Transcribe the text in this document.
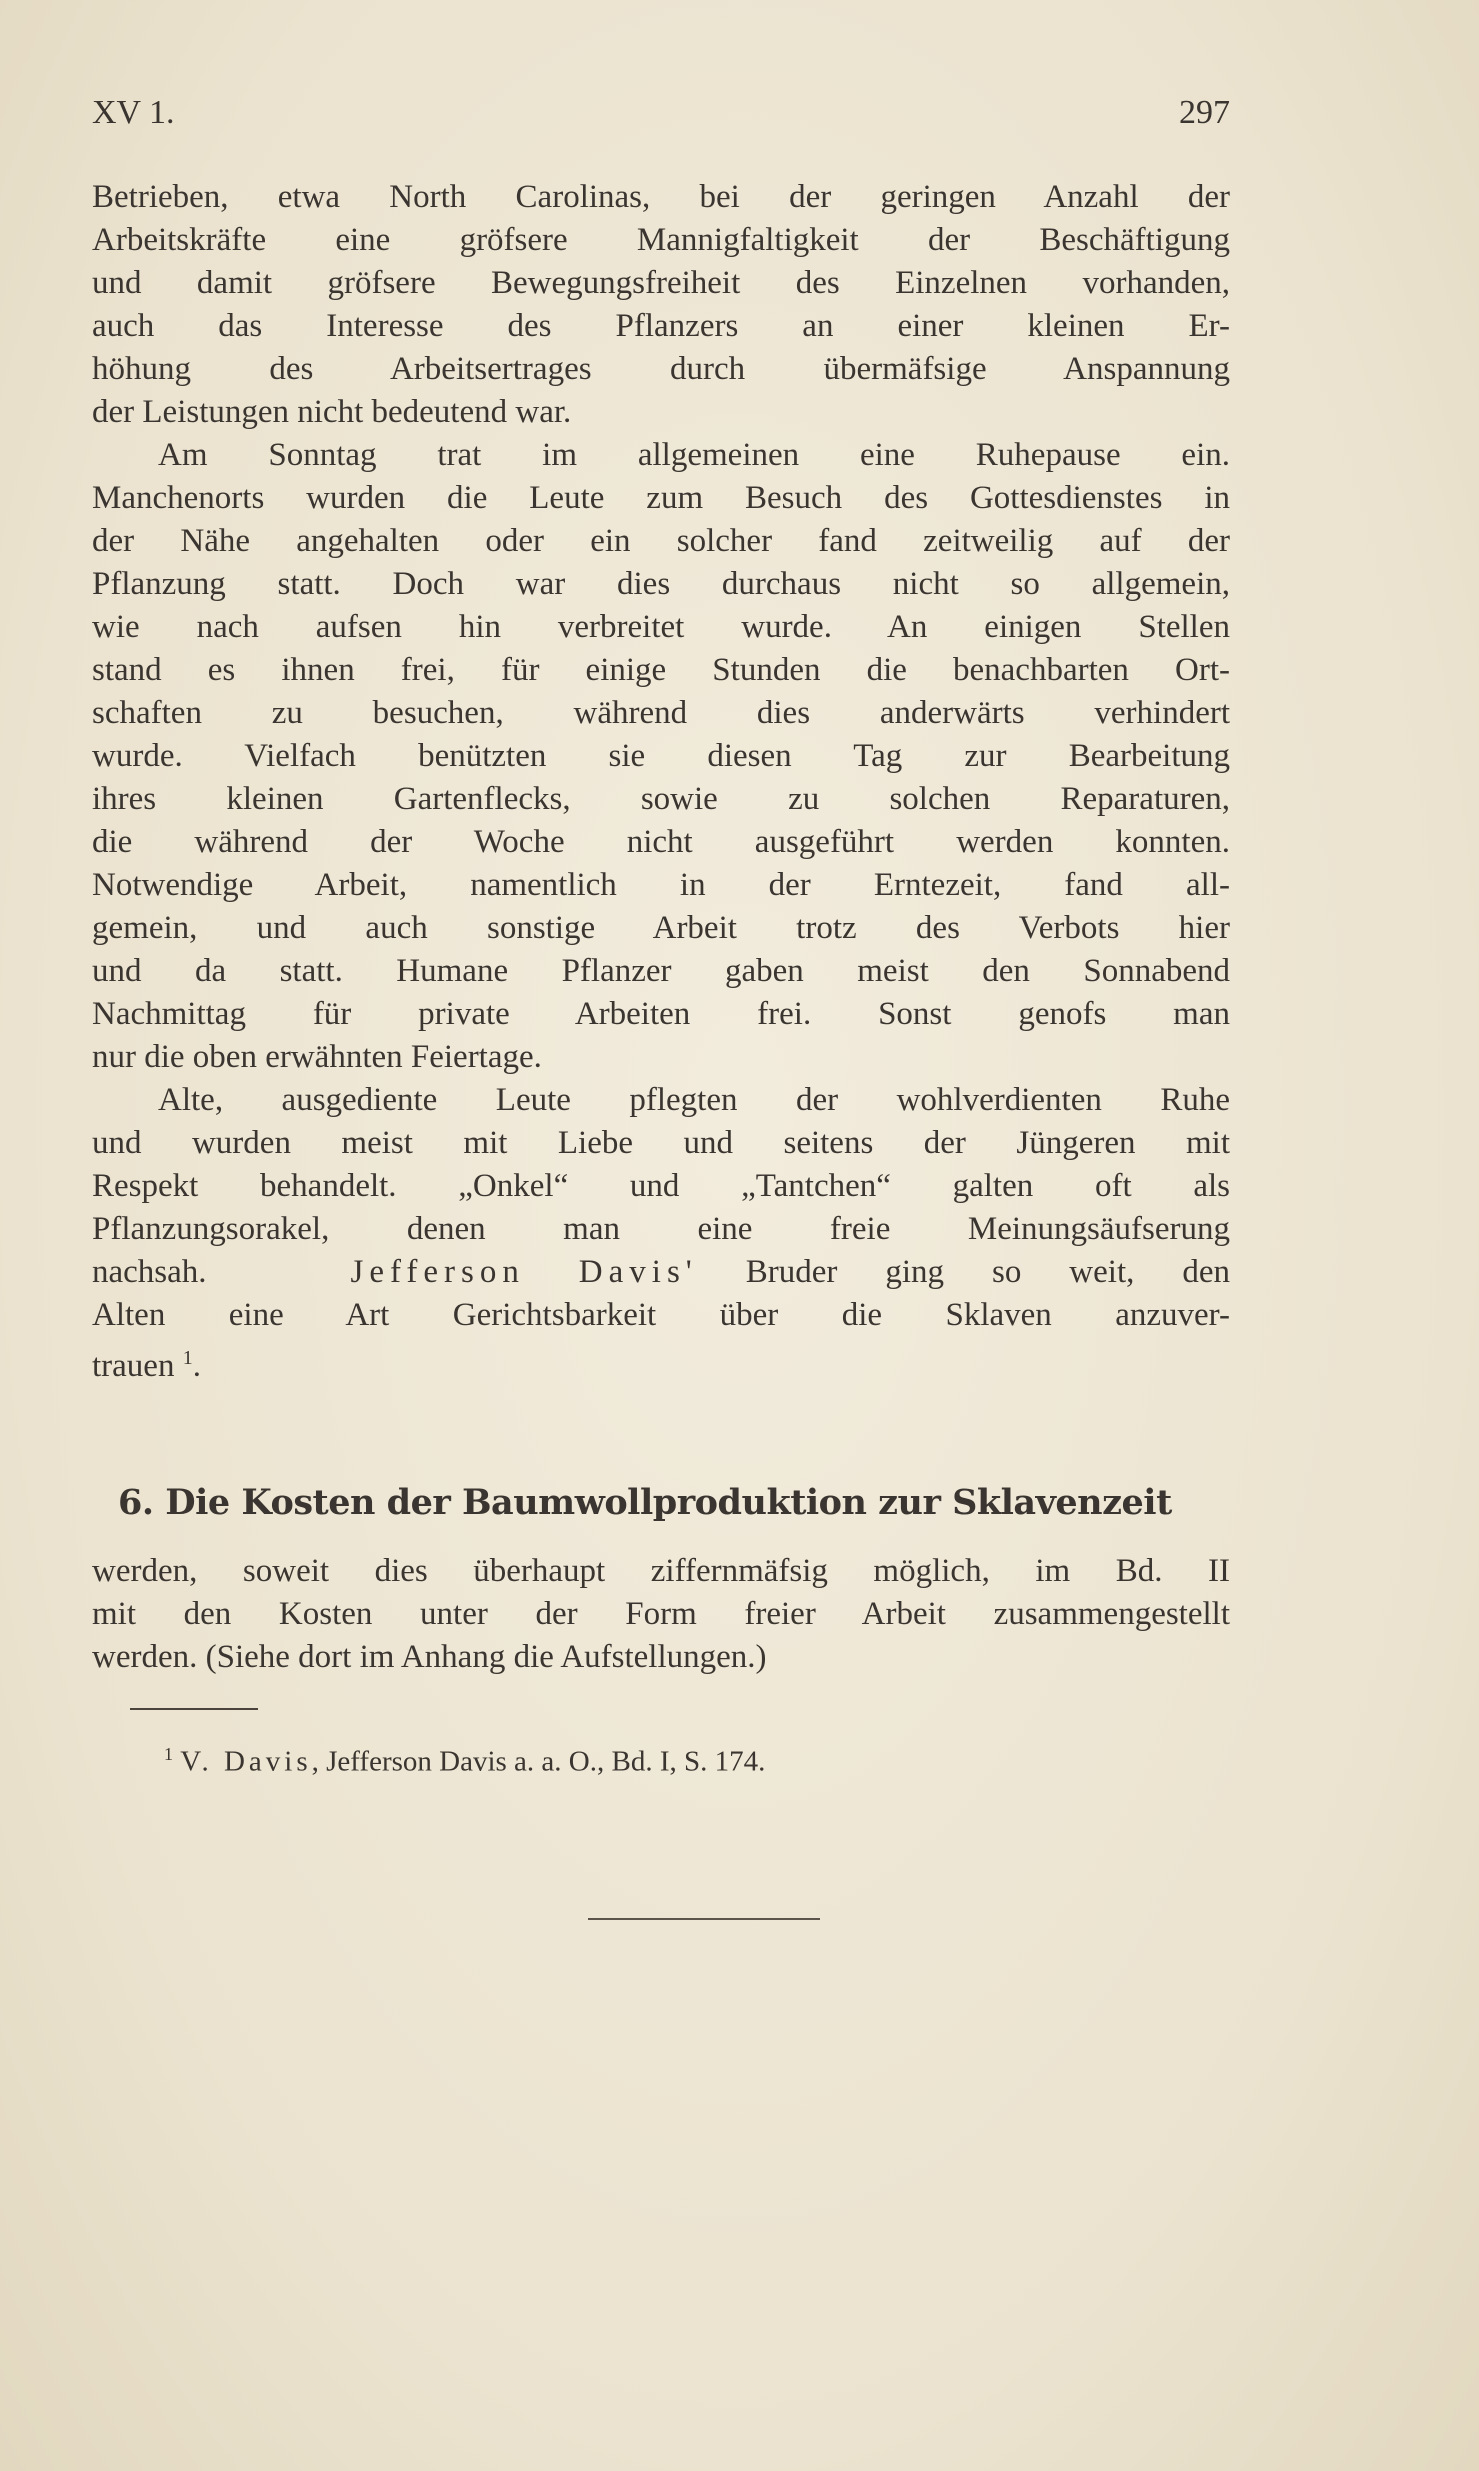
XV 1.	297
Betrieben, etwa North Carolinas, bei der geringen Anzahl der
Arbeitskräfte eine gröfsere Mannigfaltigkeit der Beschäftigung
und damit gröfsere Bewegungsfreiheit des Einzelnen vorhanden,
auch das Interesse des Pflanzers an einer kleinen Er-
höhung des Arbeitsertrages durch übermäfsige Anspannung
der Leistungen nicht bedeutend war.
Am Sonntag trat im allgemeinen eine Ruhepause ein.
Manchenorts wurden die Leute zum Besuch des Gottesdienstes in
der Nähe angehalten oder ein solcher fand zeitweilig auf der
Pflanzung statt. Doch war dies durchaus nicht so allgemein,
wie nach aufsen hin verbreitet wurde. An einigen Stellen
stand es ihnen frei, für einige Stunden die benachbarten Ort-
schaften zu besuchen, während dies anderwärts verhindert
wurde. Vielfach benützten sie diesen Tag zur Bearbeitung
ihres kleinen Gartenflecks, sowie zu solchen Reparaturen,
die während der Woche nicht ausgeführt werden konnten.
Notwendige Arbeit, namentlich in der Erntezeit, fand all-
gemein, und auch sonstige Arbeit trotz des Verbots hier
und da statt. Humane Pflanzer gaben meist den Sonnabend
Nachmittag für private Arbeiten frei. Sonst genofs man
nur die oben erwähnten Feiertage.
Alte, ausgediente Leute pflegten der wohlverdienten Ruhe
und wurden meist mit Liebe und seitens der Jüngeren mit
Respekt behandelt. „Onkel“ und „Tantchen“ galten oft als
Pflanzungsorakel, denen man eine freie Meinungsäufserung
nachsah.	Jefferson Davis' Bruder ging so weit, den
Alten eine Art Gerichtsbarkeit über die Sklaven anzuver-
trauen $^1$.
6. Die Kosten der Baumwollproduktion zur Sklavenzeit
werden, soweit dies überhaupt ziffernmäfsig möglich, im Bd. II
mit den Kosten unter der Form freier Arbeit zusammengestellt
werden. (Siehe dort im Anhang die Aufstellungen.)
$^1$ V. Davis, Jefferson Davis a. a. O., Bd. I, S. 174.
